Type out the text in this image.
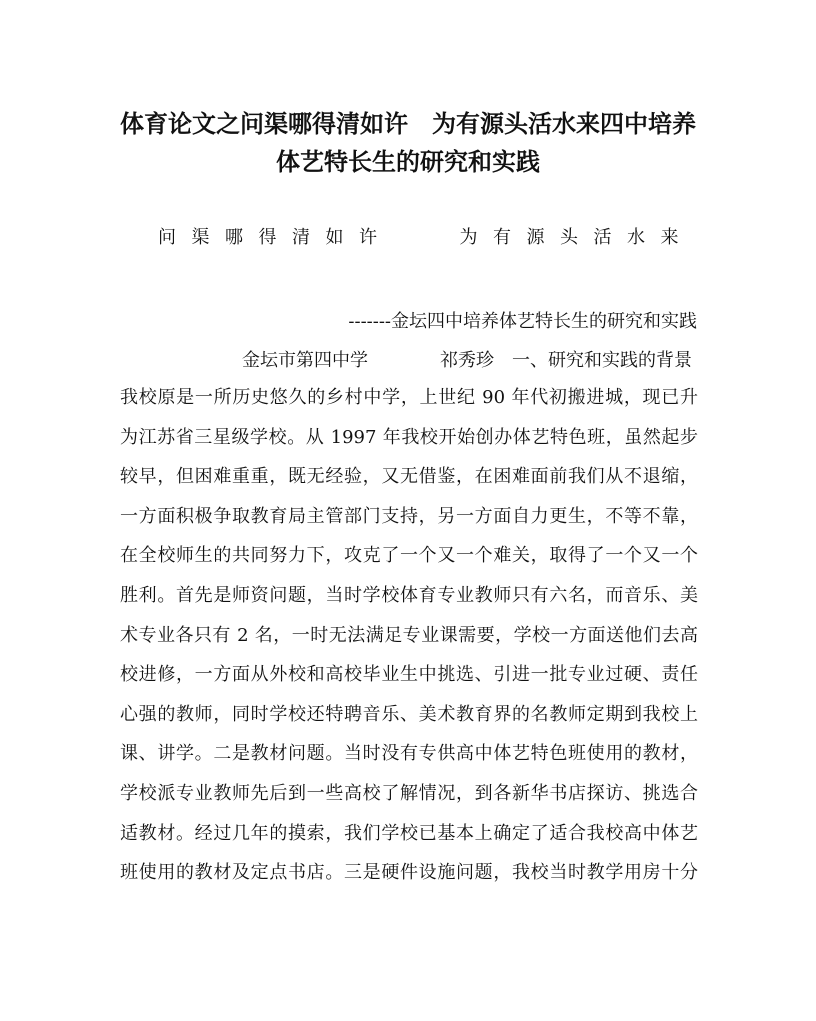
体育论文之问渠哪得清如许　为有源头活水来四中培养
体艺特长生的研究和实践
问渠哪得清如许　　为有源头活水来
-------金坛四中培养体艺特长生的研究和实践
金坛市第四中学　　　　祁秀珍　一、研究和实践的背景
我校原是一所历史悠久的乡村中学，上世纪 90 年代初搬进城，现已升
为江苏省三星级学校。从 1997 年我校开始创办体艺特色班，虽然起步
较早，但困难重重，既无经验，又无借鉴，在困难面前我们从不退缩，
一方面积极争取教育局主管部门支持，另一方面自力更生，不等不靠，
在全校师生的共同努力下，攻克了一个又一个难关，取得了一个又一个
胜利。首先是师资问题，当时学校体育专业教师只有六名，而音乐、美
术专业各只有 2 名，一时无法满足专业课需要，学校一方面送他们去高
校进修，一方面从外校和高校毕业生中挑选、引进一批专业过硬、责任
心强的教师，同时学校还特聘音乐、美术教育界的名教师定期到我校上
课、讲学。二是教材问题。当时没有专供高中体艺特色班使用的教材，
学校派专业教师先后到一些高校了解情况，到各新华书店探访、挑选合
适教材。经过几年的摸索，我们学校已基本上确定了适合我校高中体艺
班使用的教材及定点书店。三是硬件设施问题，我校当时教学用房十分
